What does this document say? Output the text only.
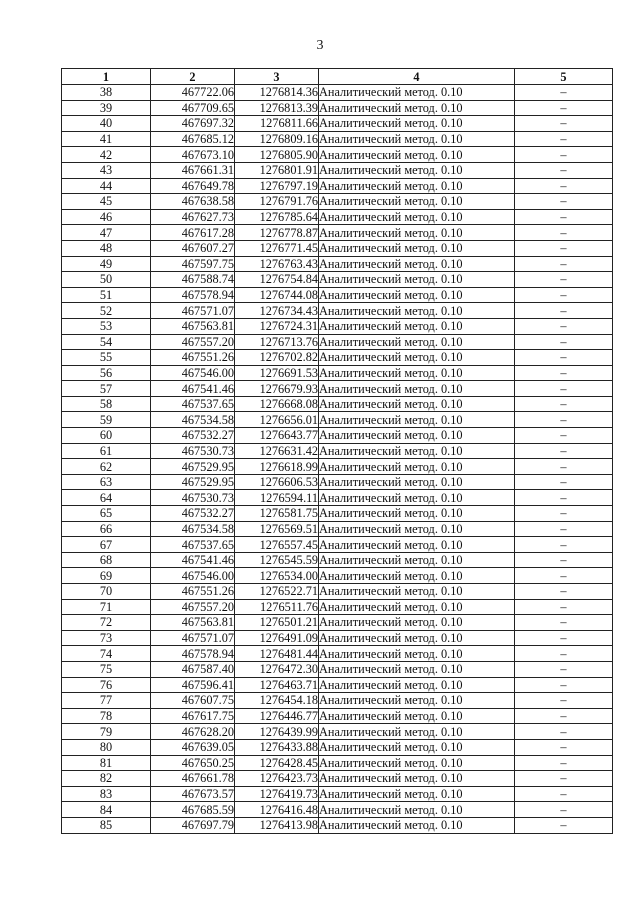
3
1	2	3	4	5
38	467722.06	1276814.36	Аналитический метод. 0.10	–
39	467709.65	1276813.39	Аналитический метод. 0.10	–
40	467697.32	1276811.66	Аналитический метод. 0.10	–
41	467685.12	1276809.16	Аналитический метод. 0.10	–
42	467673.10	1276805.90	Аналитический метод. 0.10	–
43	467661.31	1276801.91	Аналитический метод. 0.10	–
44	467649.78	1276797.19	Аналитический метод. 0.10	–
45	467638.58	1276791.76	Аналитический метод. 0.10	–
46	467627.73	1276785.64	Аналитический метод. 0.10	–
47	467617.28	1276778.87	Аналитический метод. 0.10	–
48	467607.27	1276771.45	Аналитический метод. 0.10	–
49	467597.75	1276763.43	Аналитический метод. 0.10	–
50	467588.74	1276754.84	Аналитический метод. 0.10	–
51	467578.94	1276744.08	Аналитический метод. 0.10	–
52	467571.07	1276734.43	Аналитический метод. 0.10	–
53	467563.81	1276724.31	Аналитический метод. 0.10	–
54	467557.20	1276713.76	Аналитический метод. 0.10	–
55	467551.26	1276702.82	Аналитический метод. 0.10	–
56	467546.00	1276691.53	Аналитический метод. 0.10	–
57	467541.46	1276679.93	Аналитический метод. 0.10	–
58	467537.65	1276668.08	Аналитический метод. 0.10	–
59	467534.58	1276656.01	Аналитический метод. 0.10	–
60	467532.27	1276643.77	Аналитический метод. 0.10	–
61	467530.73	1276631.42	Аналитический метод. 0.10	–
62	467529.95	1276618.99	Аналитический метод. 0.10	–
63	467529.95	1276606.53	Аналитический метод. 0.10	–
64	467530.73	1276594.11	Аналитический метод. 0.10	–
65	467532.27	1276581.75	Аналитический метод. 0.10	–
66	467534.58	1276569.51	Аналитический метод. 0.10	–
67	467537.65	1276557.45	Аналитический метод. 0.10	–
68	467541.46	1276545.59	Аналитический метод. 0.10	–
69	467546.00	1276534.00	Аналитический метод. 0.10	–
70	467551.26	1276522.71	Аналитический метод. 0.10	–
71	467557.20	1276511.76	Аналитический метод. 0.10	–
72	467563.81	1276501.21	Аналитический метод. 0.10	–
73	467571.07	1276491.09	Аналитический метод. 0.10	–
74	467578.94	1276481.44	Аналитический метод. 0.10	–
75	467587.40	1276472.30	Аналитический метод. 0.10	–
76	467596.41	1276463.71	Аналитический метод. 0.10	–
77	467607.75	1276454.18	Аналитический метод. 0.10	–
78	467617.75	1276446.77	Аналитический метод. 0.10	–
79	467628.20	1276439.99	Аналитический метод. 0.10	–
80	467639.05	1276433.88	Аналитический метод. 0.10	–
81	467650.25	1276428.45	Аналитический метод. 0.10	–
82	467661.78	1276423.73	Аналитический метод. 0.10	–
83	467673.57	1276419.73	Аналитический метод. 0.10	–
84	467685.59	1276416.48	Аналитический метод. 0.10	–
85	467697.79	1276413.98	Аналитический метод. 0.10	–
